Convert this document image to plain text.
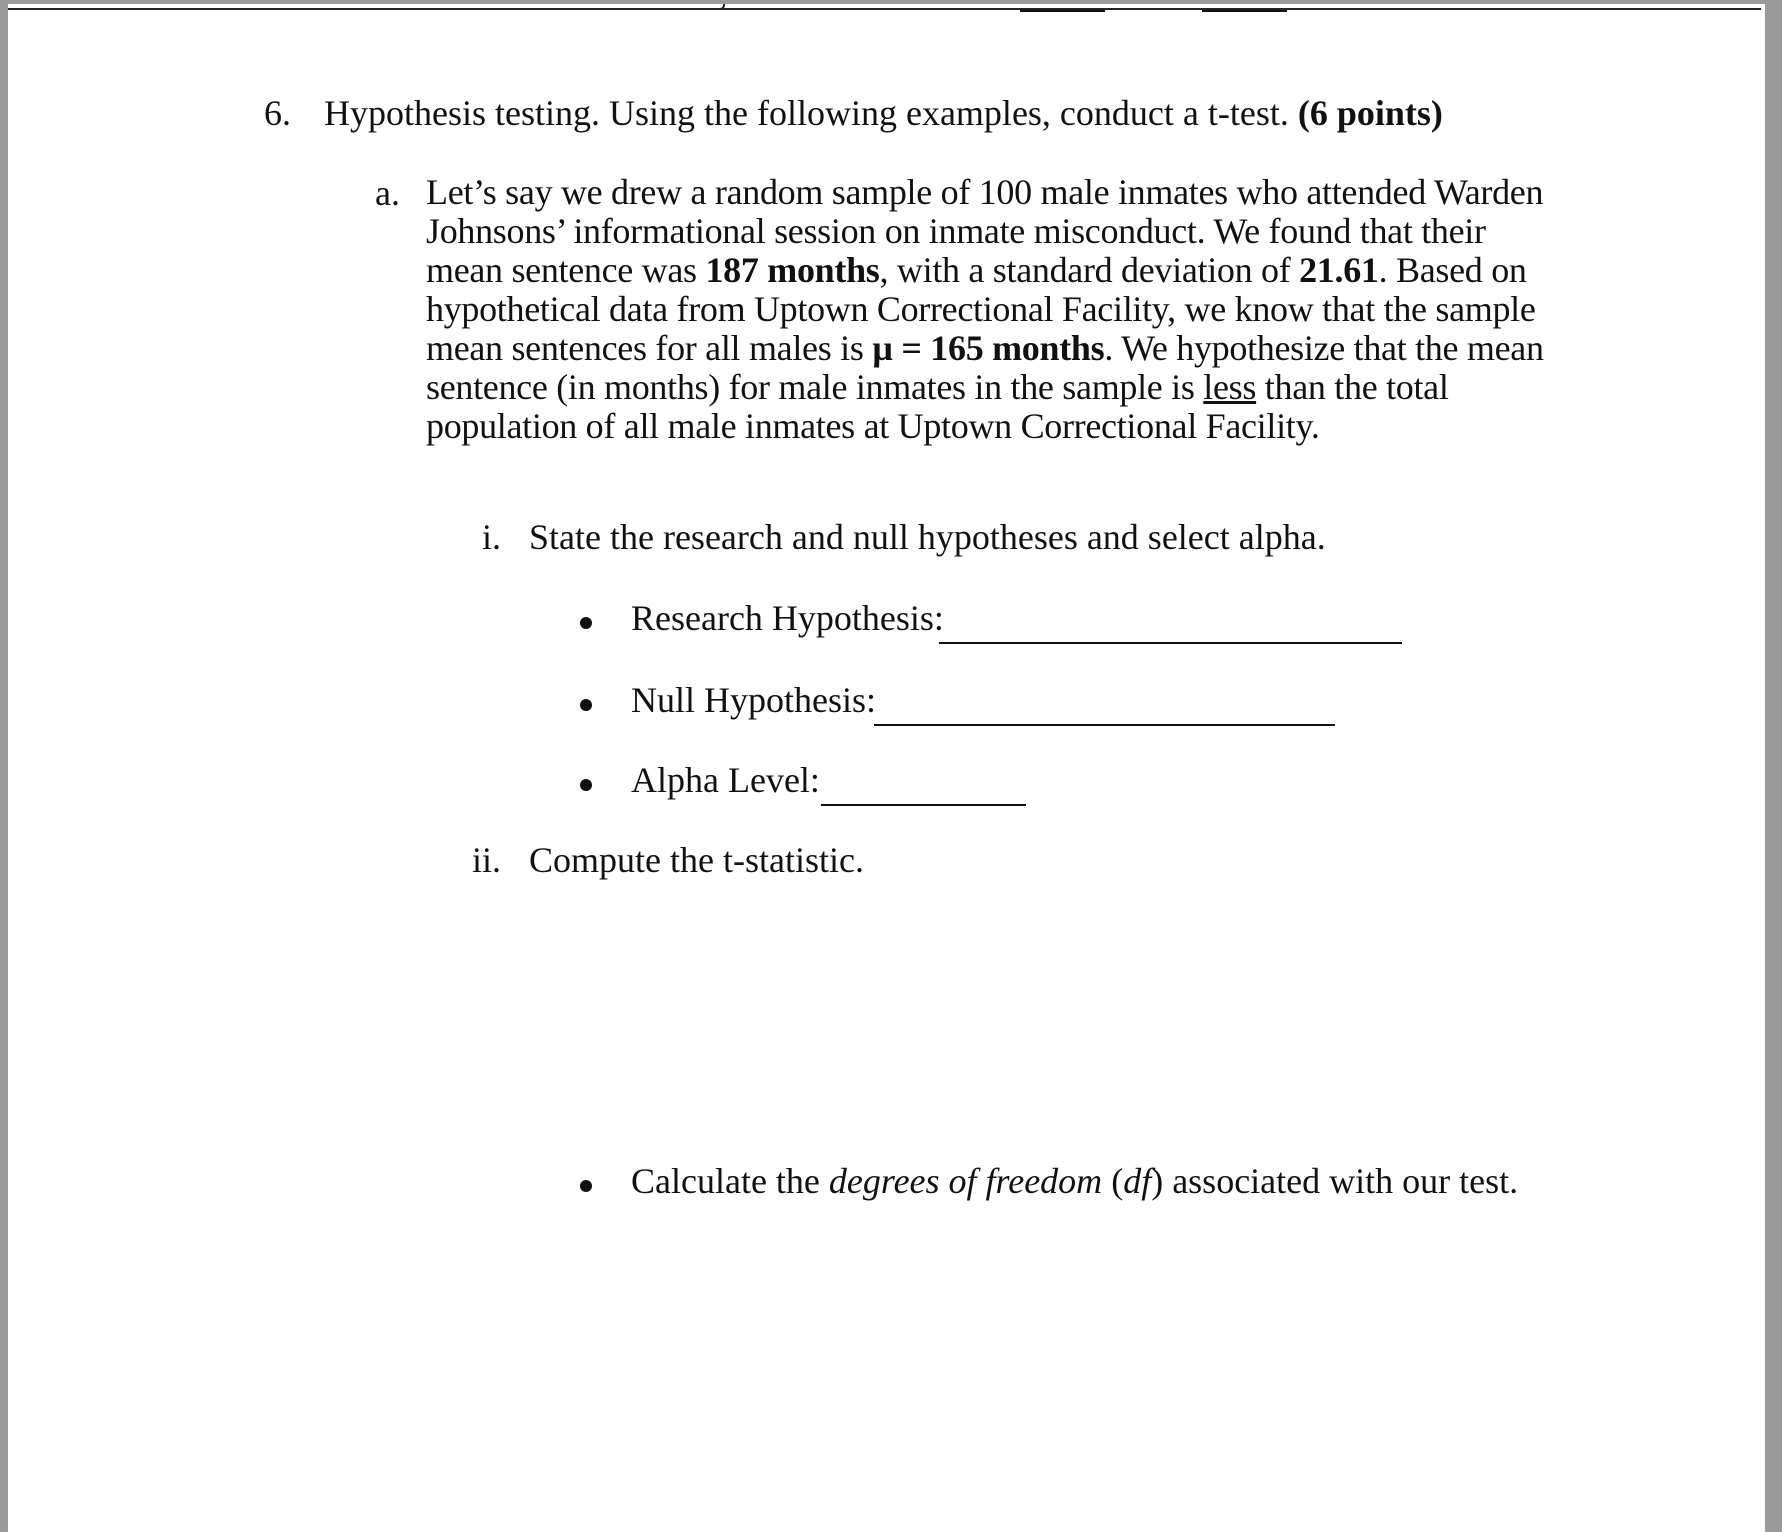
6. Hypothesis testing. Using the following examples, conduct a t-test. (6 points)
a. Let’s say we drew a random sample of 100 male inmates who attended Warden Johnsons’ informational session on inmate misconduct. We found that their mean sentence was 187 months, with a standard deviation of 21.61. Based on hypothetical data from Uptown Correctional Facility, we know that the sample mean sentences for all males is µ = 165 months. We hypothesize that the mean sentence (in months) for male inmates in the sample is less than the total population of all male inmates at Uptown Correctional Facility.

i. State the research and null hypotheses and select alpha.
Research Hypothesis:
Null Hypothesis:
Alpha Level:
ii. Compute the t-statistic.
Calculate the degrees of freedom (df) associated with our test.
